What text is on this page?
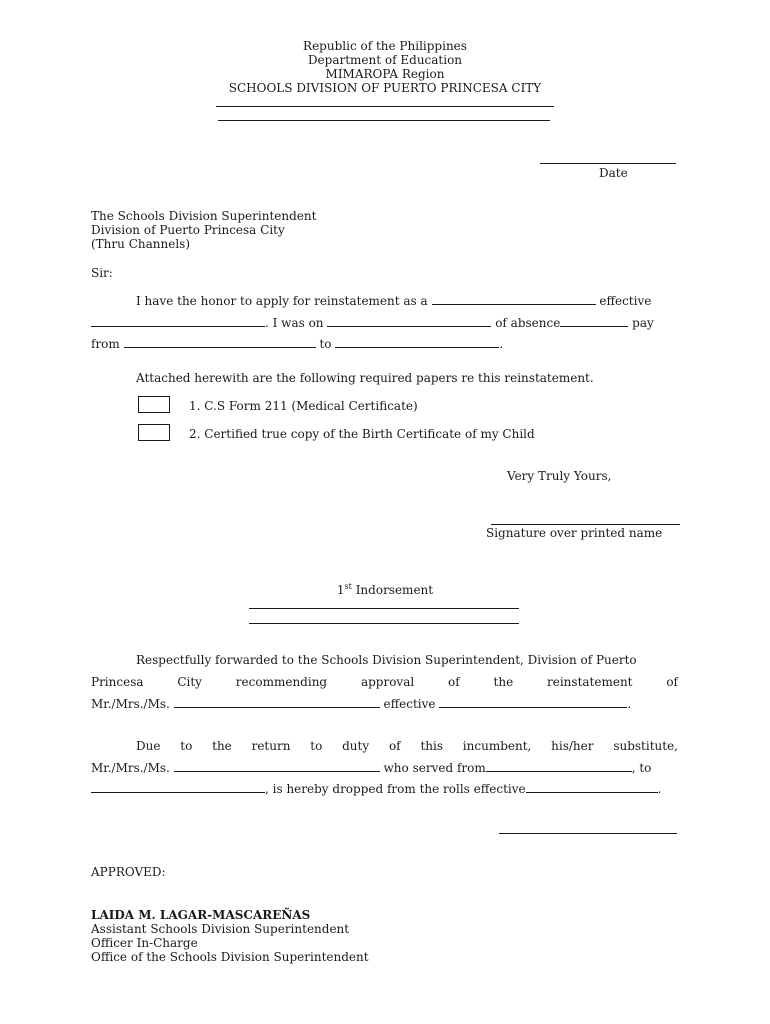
Republic of the Philippines
Department of Education
MIMAROPA Region
SCHOOLS DIVISION OF PUERTO PRINCESA CITY
Date
The Schools Division Superintendent
Division of Puerto Princesa City
(Thru Channels)
Sir:
I have the honor to apply for reinstatement as a	effective
. I was on	of absence	pay
from	to	.
Attached herewith are the following required papers re this reinstatement.
1. C.S Form 211 (Medical Certificate)
2. Certified true copy of the Birth Certificate of my Child
Very Truly Yours,
Signature over printed name
1st Indorsement
Respectfully forwarded to the Schools Division Superintendent, Division of Puerto
Princesa	City	recommending	approval	of	the	reinstatement	of
Mr./Mrs./Ms.	effective	.
Due to the return to duty of this incumbent, his/her substitute,
Mr./Mrs./Ms.	who served from	, to
, is hereby dropped from the rolls effective	.
APPROVED:
LAIDA M. LAGAR-MASCAREÑAS
Assistant Schools Division Superintendent
Officer In-Charge
Office of the Schools Division Superintendent
